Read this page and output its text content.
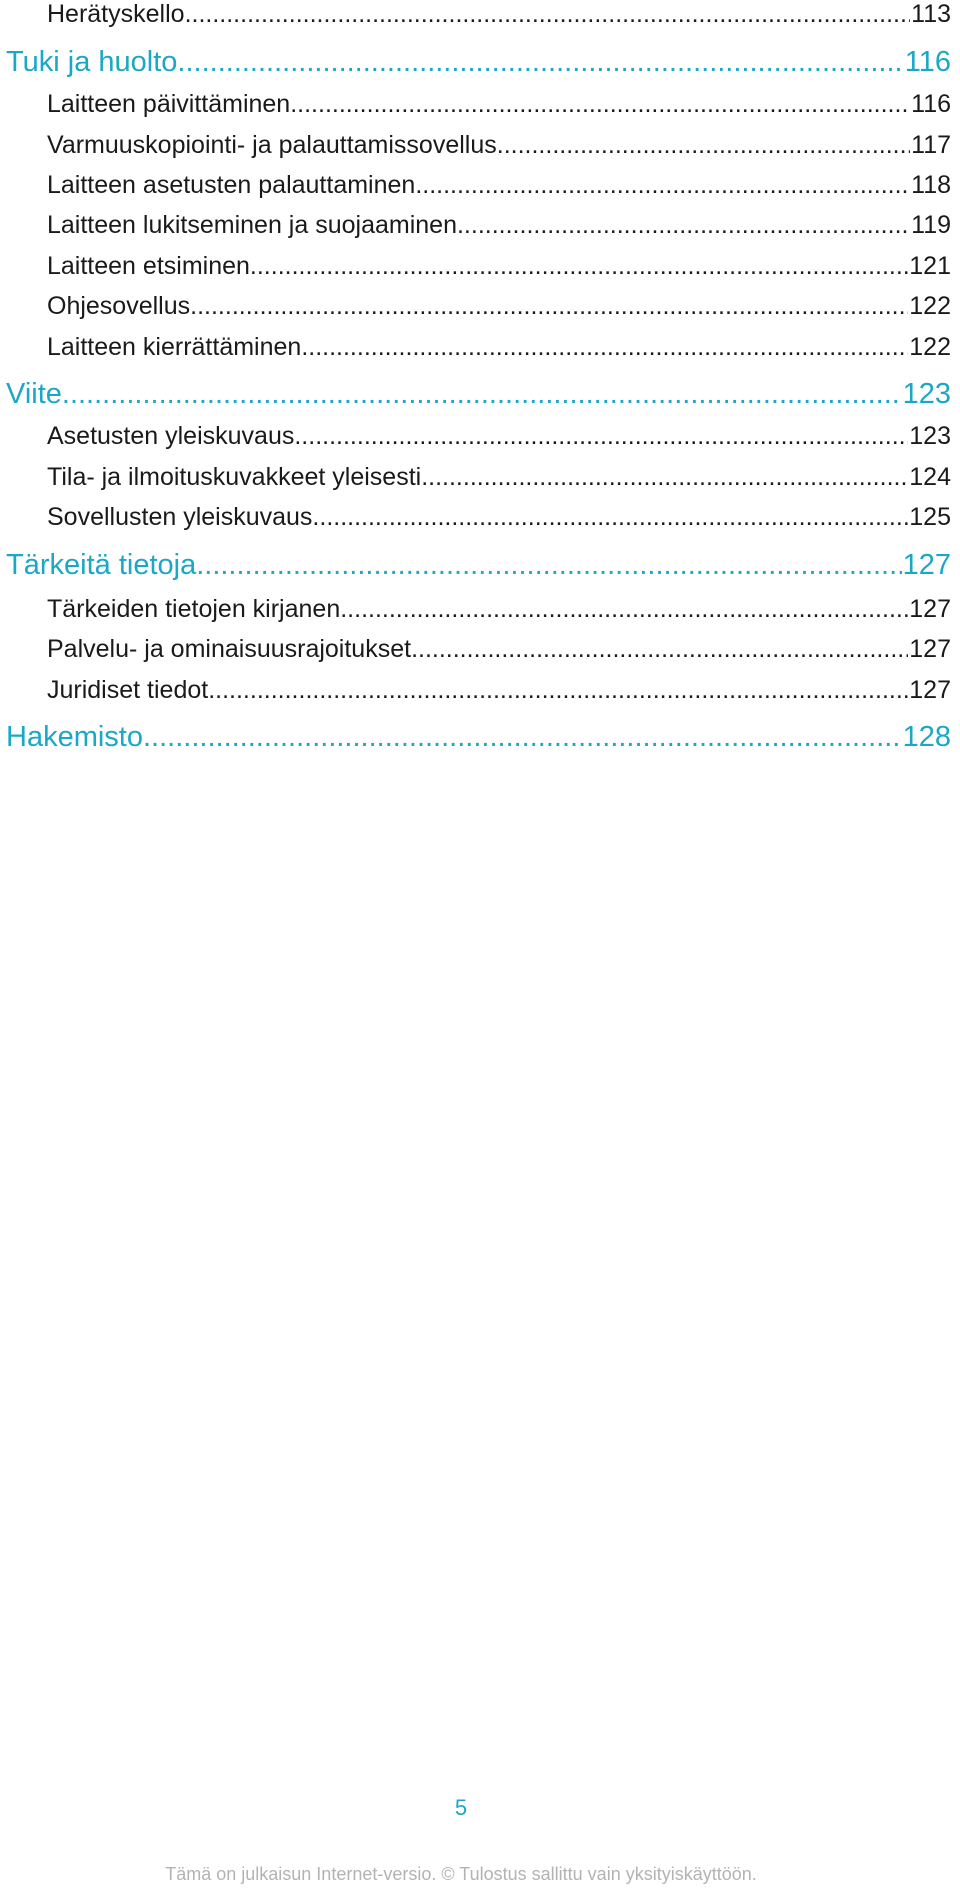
Herätyskello .....	113
Tuki ja huolto .....	116
Laitteen päivittäminen .....	116
Varmuuskopiointi- ja palauttamissovellus .....	117
Laitteen asetusten palauttaminen .....	118
Laitteen lukitseminen ja suojaaminen .....	119
Laitteen etsiminen .....	121
Ohjesovellus .....	122
Laitteen kierrättäminen .....	122
Viite .....	123
Asetusten yleiskuvaus .....	123
Tila- ja ilmoituskuvakkeet yleisesti .....	124
Sovellusten yleiskuvaus .....	125
Tärkeitä tietoja .....	127
Tärkeiden tietojen kirjanen .....	127
Palvelu- ja ominaisuusrajoitukset .....	127
Juridiset tiedot .....	127
Hakemisto .....	128
5
Tämä on julkaisun Internet-versio. © Tulostus sallittu vain yksityiskäyttöön.
